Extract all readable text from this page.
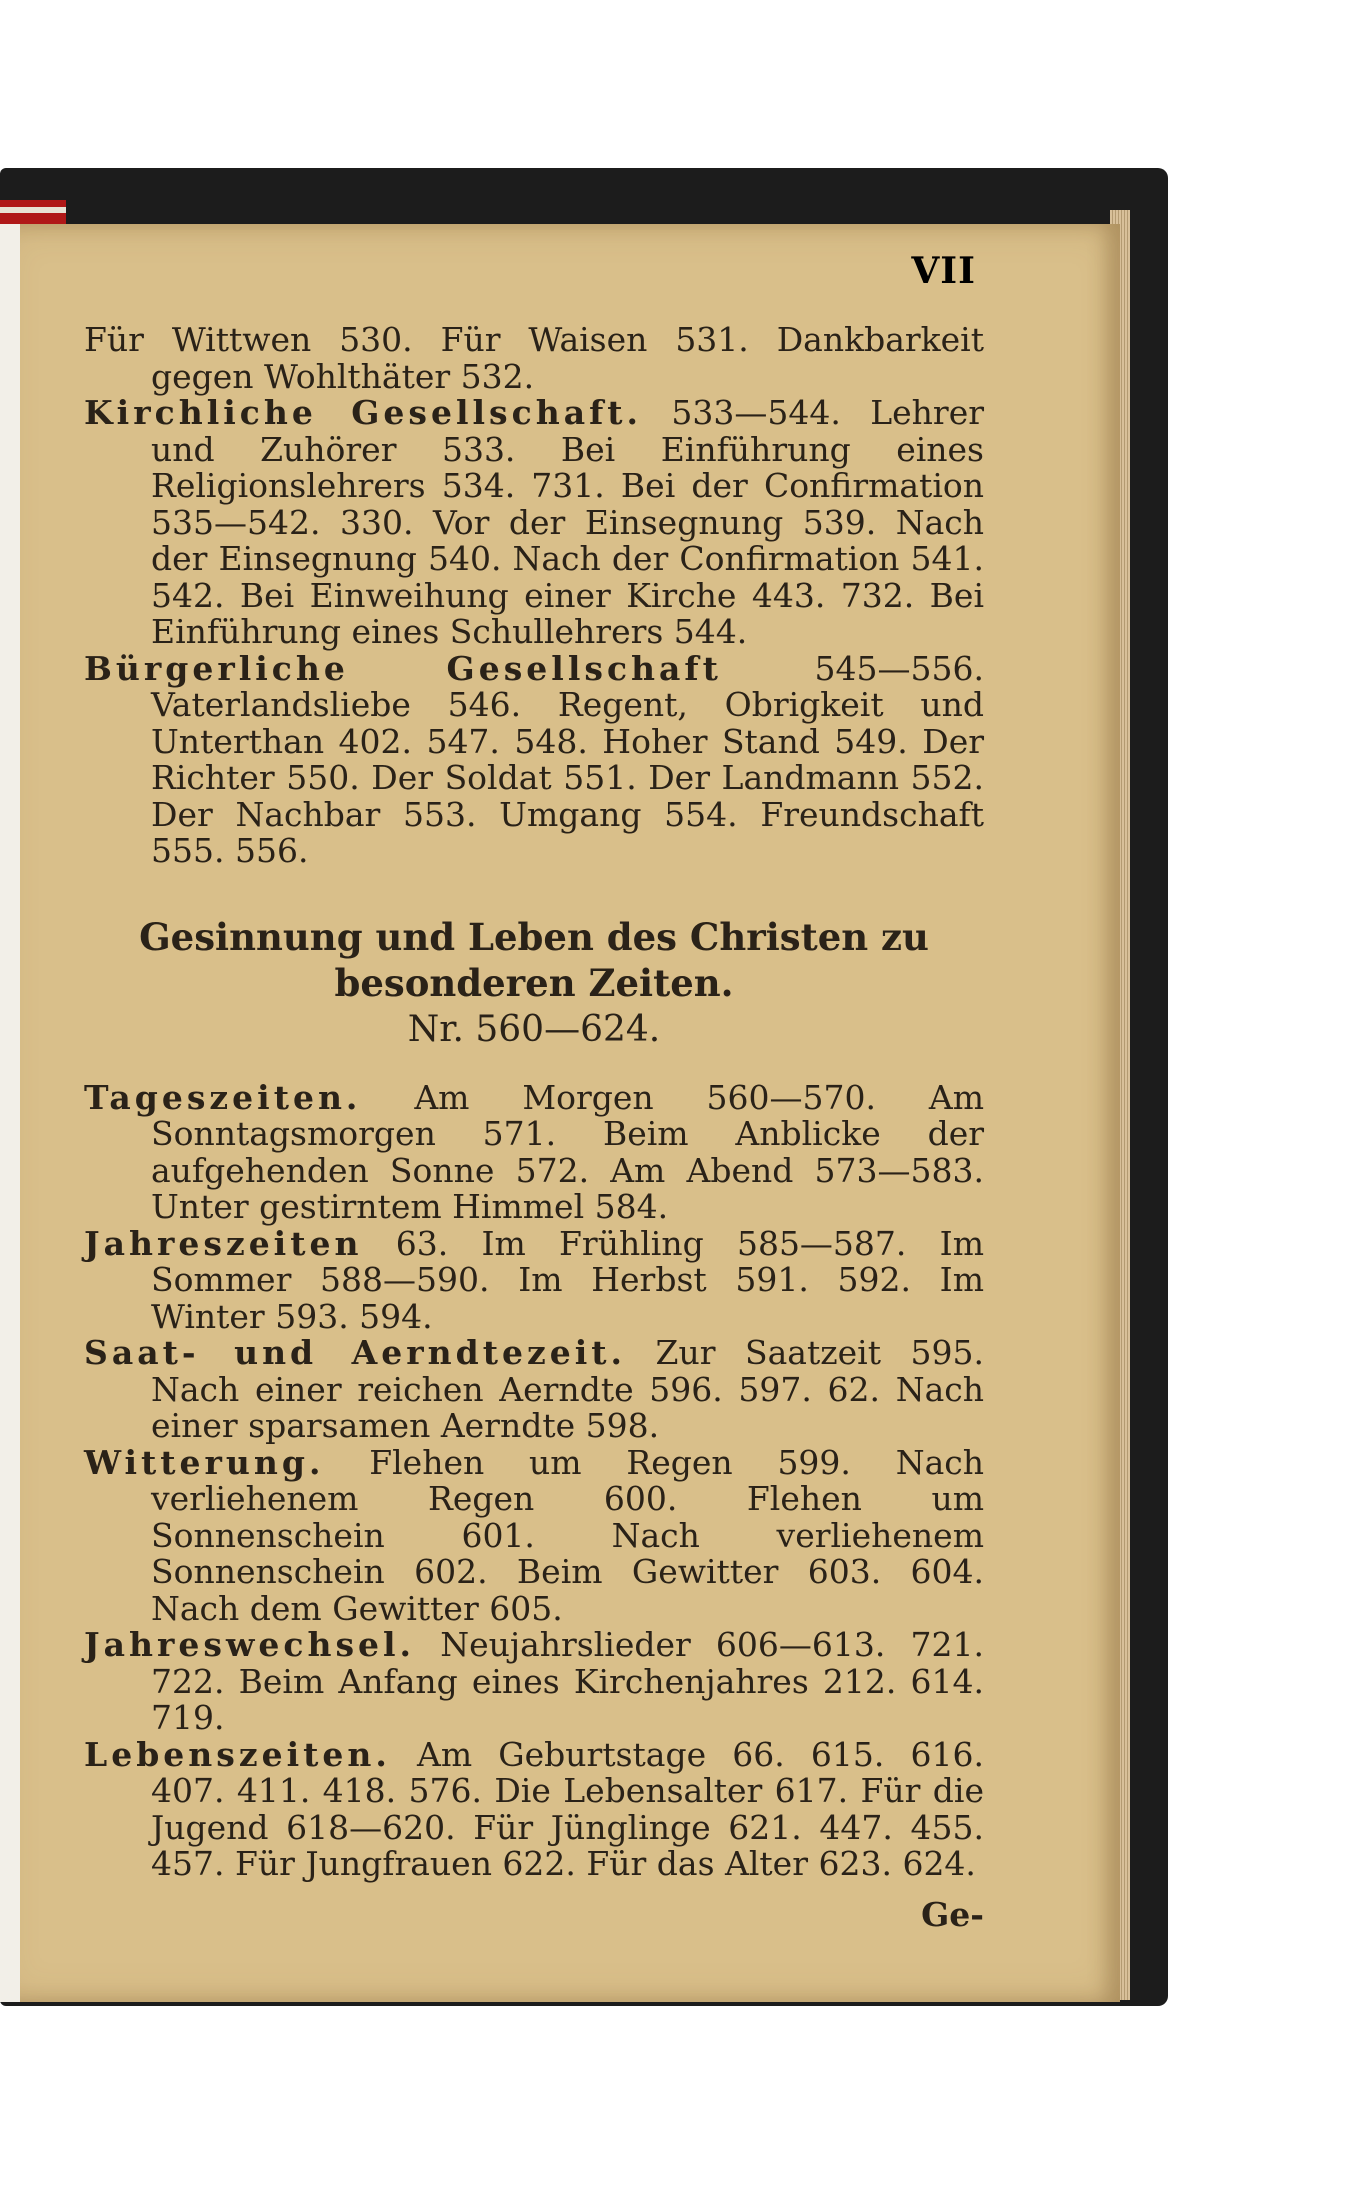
VII
Für Wittwen 530. Für Waisen 531. Dankbarkeit gegen Wohlthäter 532.
Kirchliche Gesellschaft. 533—544. Lehrer und Zuhörer 533. Bei Einführung eines Religionslehrers 534. 731. Bei der Confirmation 535—542. 330. Vor der Einsegnung 539. Nach der Einsegnung 540. Nach der Confirmation 541. 542. Bei Einweihung einer Kirche 443. 732. Bei Einführung eines Schullehrers 544.
Bürgerliche Gesellschaft	545—556. Vaterlandsliebe 546. Regent, Obrigkeit und Unterthan 402. 547. 548. Hoher Stand 549. Der Richter 550. Der Soldat 551. Der Landmann 552. Der Nachbar 553. Umgang 554. Freundschaft 555. 556.
Gesinnung und Leben des Christen zu besonderen Zeiten.
Nr. 560—624.
Tageszeiten. Am Morgen 560—570. Am Sonntagsmorgen 571. Beim Anblicke der aufgehenden Sonne 572. Am Abend 573—583. Unter gestirntem Himmel 584.
Jahreszeiten 63. Im Frühling 585—587. Im Sommer 588—590. Im Herbst 591. 592. Im Winter 593. 594.
Saat- und Aerndtezeit. Zur Saatzeit 595. Nach einer reichen Aerndte 596. 597. 62. Nach einer sparsamen Aerndte 598.
Witterung. Flehen um Regen 599. Nach verliehenem Regen 600. Flehen um Sonnenschein 601. Nach verliehenem Sonnenschein 602. Beim Gewitter 603. 604. Nach dem Gewitter 605.
Jahreswechsel. Neujahrslieder 606—613. 721. 722. Beim Anfang eines Kirchenjahres 212. 614. 719.
Lebenszeiten. Am Geburtstage 66. 615. 616. 407. 411. 418. 576. Die Lebensalter 617. Für die Jugend 618—620. Für Jünglinge 621. 447. 455. 457. Für Jungfrauen 622. Für das Alter 623. 624.
Ge-
